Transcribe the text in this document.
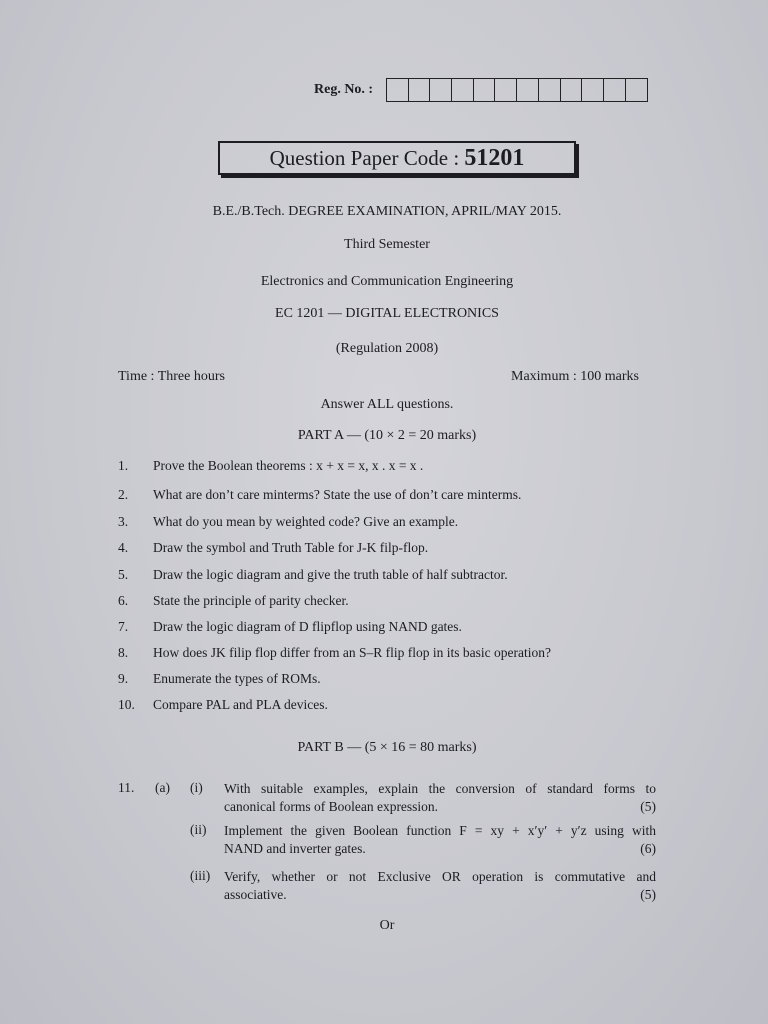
Reg. No. :
Question Paper Code : 51201
B.E./B.Tech. DEGREE EXAMINATION, APRIL/MAY 2015.
Third Semester
Electronics and Communication Engineering
EC 1201 — DIGITAL ELECTRONICS
(Regulation 2008)
Time : Three hours	Maximum : 100 marks
Answer ALL questions.
PART A — (10 × 2 = 20 marks)
1. Prove the Boolean theorems : x + x = x, x . x = x .
2. What are don’t care minterms? State the use of don’t care minterms.
3. What do you mean by weighted code? Give an example.
4. Draw the symbol and Truth Table for J-K filp-flop.
5. Draw the logic diagram and give the truth table of half subtractor.
6. State the principle of parity checker.
7. Draw the logic diagram of D flipflop using NAND gates.
8. How does JK filip flop differ from an S–R flip flop in its basic operation?
9. Enumerate the types of ROMs.
10. Compare PAL and PLA devices.
PART B — (5 × 16 = 80 marks)
11. (a) (i) With suitable examples, explain the conversion of standard forms to
canonical forms of Boolean expression.	(5)
(ii) Implement the given Boolean function F = xy + x′y′ + y′z using with
NAND and inverter gates.	(6)
(iii) Verify, whether or not Exclusive OR operation is commutative and
associative.	(5)
Or
